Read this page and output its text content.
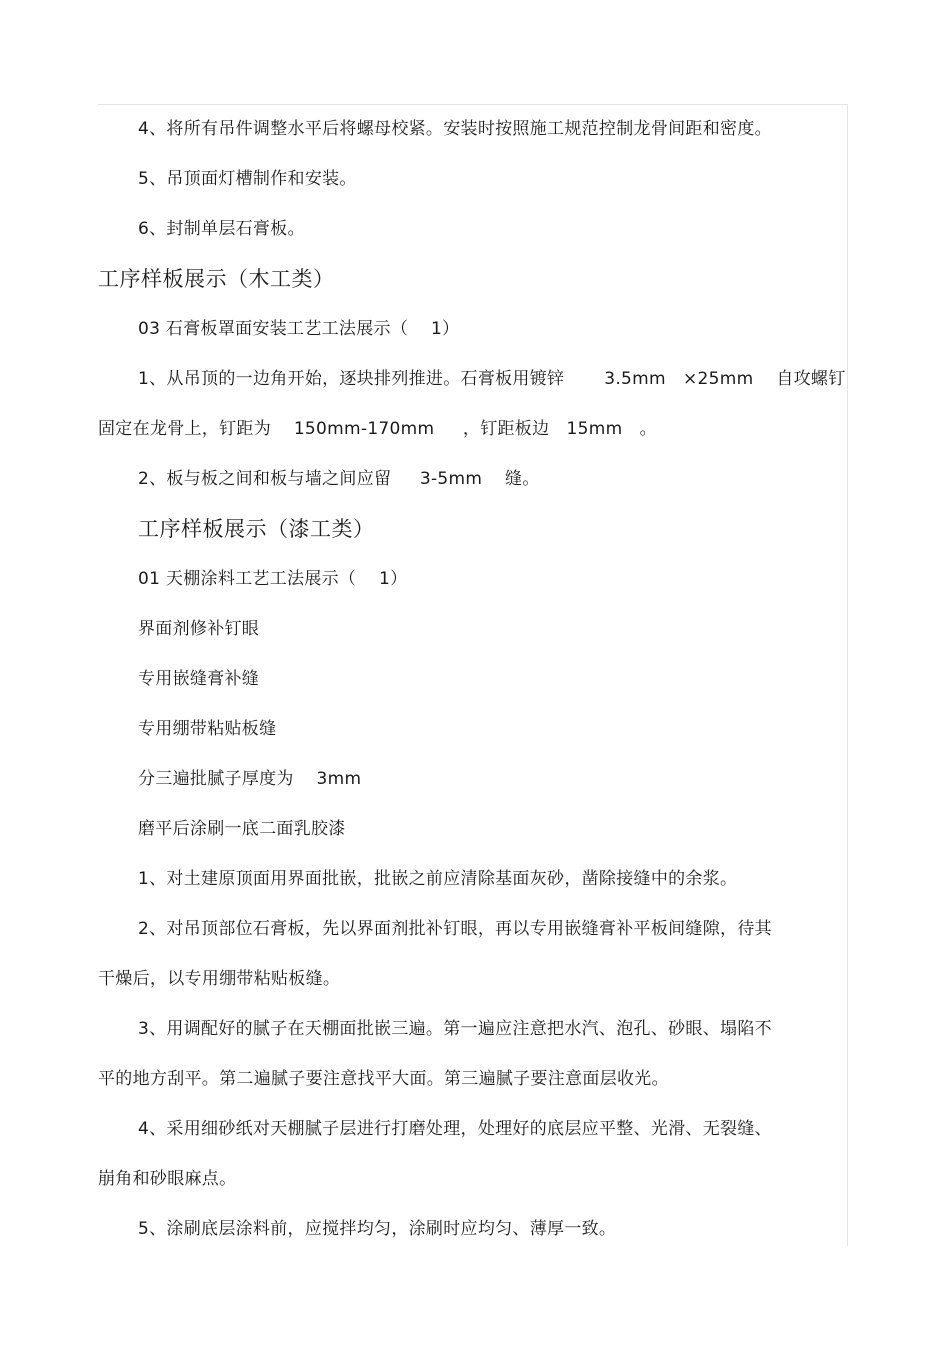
4、将所有吊件调整水平后将螺母校紧。安装时按照施工规范控制龙骨间距和密度。
5、吊顶面灯槽制作和安装。
6、封制单层石膏板。
工序样板展示（木工类）
03 石膏板罩面安装工艺工法展示（    1）
1、从吊顶的一边角开始，逐块排列推进。石膏板用镀锌       3.5mm   ×25mm    自攻螺钉
固定在龙骨上，钉距为    150mm-170mm     ，钉距板边   15mm   。
2、板与板之间和板与墙之间应留     3-5mm    缝。
工序样板展示（漆工类）
01 天棚涂料工艺工法展示（    1）
界面剂修补钉眼
专用嵌缝膏补缝
专用绷带粘贴板缝
分三遍批腻子厚度为    3mm
磨平后涂刷一底二面乳胶漆
1、对土建原顶面用界面批嵌，批嵌之前应清除基面灰砂，凿除接缝中的余浆。
2、对吊顶部位石膏板，先以界面剂批补钉眼，再以专用嵌缝膏补平板间缝隙，待其
干燥后，以专用绷带粘贴板缝。
3、用调配好的腻子在天棚面批嵌三遍。第一遍应注意把水汽、泡孔、砂眼、塌陷不
平的地方刮平。第二遍腻子要注意找平大面。第三遍腻子要注意面层收光。
4、采用细砂纸对天棚腻子层进行打磨处理，处理好的底层应平整、光滑、无裂缝、
崩角和砂眼麻点。
5、涂刷底层涂料前，应搅拌均匀，涂刷时应均匀、薄厚一致。
